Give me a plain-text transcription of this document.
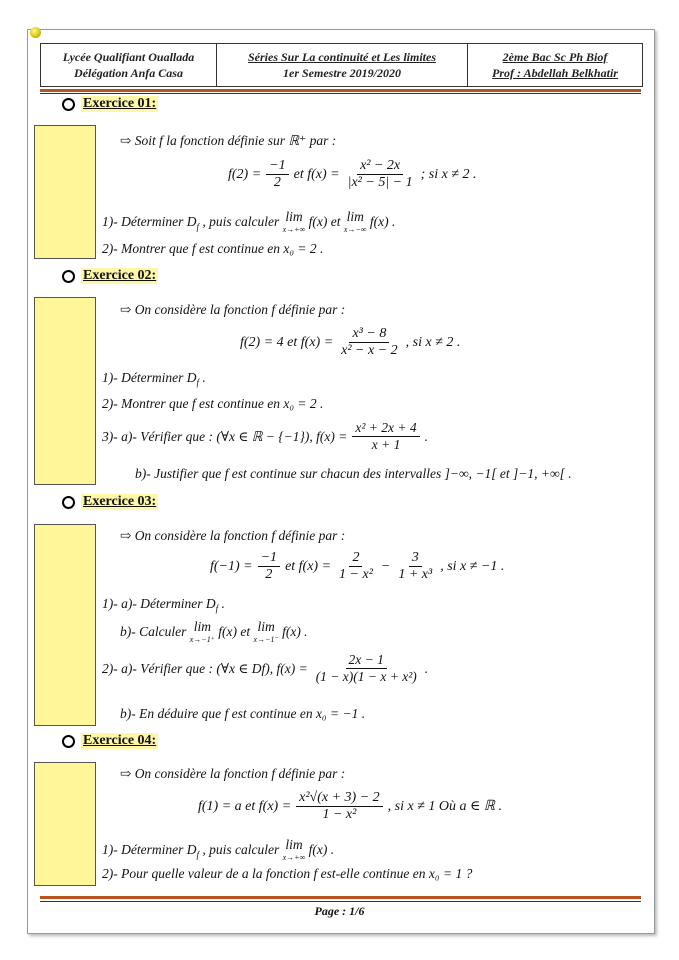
Lycée Qualifiant Ouallada
Délégation Anfa Casa
Séries Sur La continuité et Les limites
1er Semestre 2019/2020
2ème Bac Sc Ph Biof
Prof : Abdellah Belkhatir
Exercice 01:
⇨ Soit f la fonction définie sur ℝ⁺ par :
$f(2) = \frac{-1}{2}$ et $f(x) = \frac{\text{x² − 2x}}{\text{|x² − 5| − 1}}$ ; si x ≠ 2 .
1)- Déterminer $D_f$ , puis calculer lim
x→+∞
f(x) et lim
x→−∞
f(x) .
2)- Montrer que f est continue en x₀ = 2 .
Exercice 02:
⇨ On considère la fonction f définie par :
f(2) = 4 et $f(x) = \frac{\text{x³ − 8}}{\text{x² − x − 2}}$ , si x ≠ 2 .
1)- Déterminer $D_f$ .
2)- Montrer que f est continue en x₀ = 2 .
3)- a)- Vérifier que : (∀x ∈ ℝ − {−1}), $f(x) = \frac{\text{x² + 2x + 4}}{x + 1}$ .
b)- Justifier que f est continue sur chacun des intervalles ]−∞, −1[ et ]−1, +∞[ .
Exercice 03:
⇨ On considère la fonction f définie par :
$f(-1) = \frac{-1}{2}$ et $f(x) = \frac{2}{\text{1 − x²}} - \frac{3}{\text{1 + x³}}$ , si x ≠ −1 .
1)- a)- Déterminer $D_f$ .
b)- Calculer lim
x→−1⁺
f(x) et lim
x→−1⁻
f(x) .
2)- a)- Vérifier que : (∀x ∈ Df), $f(x) = \frac{2x - 1}{\text{(1 − x)(1 − x + x²)}}$ .
b)- En déduire que f est continue en x₀ = −1 .
Exercice 04:
⇨ On considère la fonction f définie par :
f(1) = a et $f(x) = \frac{\text{x²√(x + 3) − 2}}{\text{1 − x²}}$ , si x ≠ 1 Où a ∈ ℝ .
1)- Déterminer $D_f$ , puis calculer lim
x→+∞
f(x) .
2)- Pour quelle valeur de a la fonction f est-elle continue en x₀ = 1 ?
Page : 1/6
